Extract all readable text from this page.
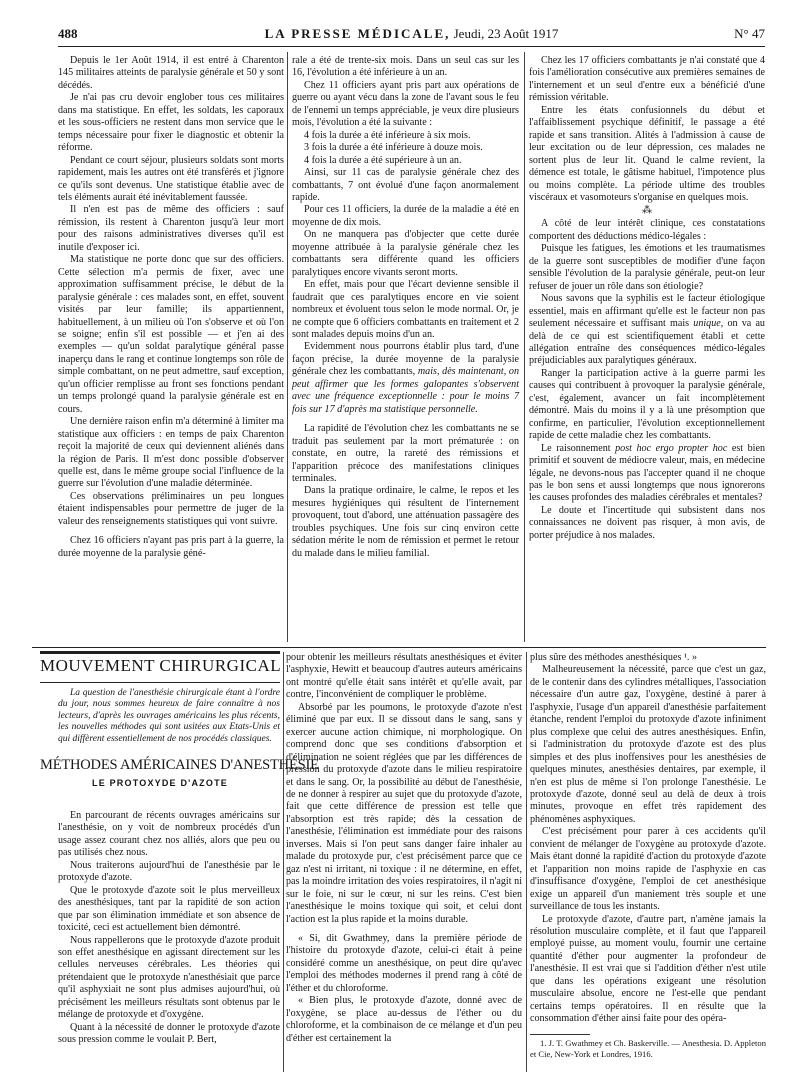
488	LA PRESSE MÉDICALE, Jeudi, 23 Août 1917	N° 47

Depuis le 1er Août 1914, il est entré à Charenton 145 militaires atteints de paralysie générale et 50 y sont décédés.

Je n'ai pas cru devoir englober tous ces militaires dans ma statistique. En effet, les soldats, les caporaux et les sous-officiers ne restent dans mon service que le temps nécessaire pour fixer le diagnostic et obtenir la réforme.

Pendant ce court séjour, plusieurs soldats sont morts rapidement, mais les autres ont été transférés et j'ignore ce qu'ils sont devenus. Une statistique établie avec de tels éléments aurait été inévitablement faussée.

Il n'en est pas de même des officiers : sauf rémission, ils restent à Charenton jusqu'à leur mort pour des raisons administratives diverses qu'il est inutile d'exposer ici.

Ma statistique ne porte donc que sur des officiers. Cette sélection m'a permis de fixer, avec une approximation suffisamment précise, le début de la paralysie générale : ces malades sont, en effet, souvent visités par leur famille; ils appartiennent, habituellement, à un milieu où l'on s'observe et où l'on se soigne; enfin s'il est possible — et j'en ai des exemples — qu'un soldat paralytique général passe inaperçu dans le rang et continue longtemps son rôle de simple combattant, on ne peut admettre, sauf exception, qu'un officier remplisse au front ses fonctions pendant un temps prolongé quand la paralysie générale est en cours.

Une dernière raison enfin m'a déterminé à limiter ma statistique aux officiers : en temps de paix Charenton reçoit la majorité de ceux qui deviennent aliénés dans la région de Paris. Il m'est donc possible d'observer quelle est, dans le même groupe social l'influence de la guerre sur l'évolution d'une maladie déterminée.

Ces observations préliminaires un peu longues étaient indispensables pour permettre de juger de la valeur des renseignements statistiques qui vont suivre.

Chez 16 officiers n'ayant pas pris part à la guerre, la durée moyenne de la paralysie géné-

rale a été de trente-six mois. Dans un seul cas sur les 16, l'évolution a été inférieure à un an.

Chez 11 officiers ayant pris part aux opérations de guerre ou ayant vécu dans la zone de l'avant sous le feu de l'ennemi un temps appréciable, je veux dire plusieurs mois, l'évolution a été la suivante :

4 fois la durée a été inférieure à six mois.

3 fois la durée a été inférieure à douze mois.

4 fois la durée a été supérieure à un an.

Ainsi, sur 11 cas de paralysie générale chez des combattants, 7 ont évolué d'une façon anormalement rapide.

Pour ces 11 officiers, la durée de la maladie a été en moyenne de dix mois.

On ne manquera pas d'objecter que cette durée moyenne attribuée à la paralysie générale chez les combattants sera différente quand les officiers paralytiques encore vivants seront morts.

En effet, mais pour que l'écart devienne sensible il faudrait que ces paralytiques encore en vie soient nombreux et évoluent tous selon le mode normal. Or, je ne compte que 6 officiers combattants en traitement et 2 sont malades depuis moins d'un an.

Evidemment nous pourrons établir plus tard, d'une façon précise, la durée moyenne de la paralysie générale chez les combattants, mais, dès maintenant, on peut affirmer que les formes galopantes s'observent avec une fréquence exceptionnelle : pour le moins 7 fois sur 17 d'après ma statistique personnelle.

La rapidité de l'évolution chez les combattants ne se traduit pas seulement par la mort prématurée : on constate, en outre, la rareté des rémissions et l'apparition précoce des manifestations cliniques terminales.

Dans la pratique ordinaire, le calme, le repos et les mesures hygiéniques qui résultent de l'internement provoquent, tout d'abord, une atténuation passagère des troubles psychiques. Une fois sur cinq environ cette sédation mérite le nom de rémission et permet le retour du malade dans le milieu familial.

Chez les 17 officiers combattants je n'ai constaté que 4 fois l'amélioration consécutive aux premières semaines de l'internement et un seul d'entre eux a bénéficié d'une rémission véritable.

Entre les états confusionnels du début et l'affaiblissement psychique définitif, le passage a été rapide et sans transition. Alités à l'admission à cause de leur excitation ou de leur dépression, ces malades ne sortent plus de leur lit. Quand le calme revient, la démence est totale, le gâtisme habituel, l'impotence plus ou moins complète. La période ultime des troubles viscéraux et vasomoteurs s'organise en quelques mois.

⁂

A côté de leur intérêt clinique, ces constatations comportent des déductions médico-légales :

Puisque les fatigues, les émotions et les traumatismes de la guerre sont susceptibles de modifier d'une façon sensible l'évolution de la paralysie générale, peut-on leur refuser de jouer un rôle dans son étiologie?

Nous savons que la syphilis est le facteur étiologique essentiel, mais en affirmant qu'elle est le facteur non pas seulement nécessaire et suffisant mais unique, on va au delà de ce qui est scientifiquement établi et cette allégation entraîne des conséquences médico-légales préjudiciables aux paralytiques généraux.

Ranger la participation active à la guerre parmi les causes qui contribuent à provoquer la paralysie générale, c'est, également, avancer un fait incomplètement démontré. Mais du moins il y a là une présomption que confirme, en particulier, l'évolution exceptionnellement rapide de cette maladie chez les combattants.

Le raisonnement post hoc ergo propter hoc est bien primitif et souvent de médiocre valeur, mais, en médecine légale, ne devons-nous pas l'accepter quand il ne choque pas le bon sens et aussi longtemps que nous ignorerons les causes profondes des maladies cérébrales et mentales?

Le doute et l'incertitude qui subsistent dans nos connaissances ne doivent pas risquer, à mon avis, de porter préjudice à nos malades.

MOUVEMENT CHIRURGICAL
La question de l'anesthésie chirurgicale étant à l'ordre du jour, nous sommes heureux de faire connaître à nos lecteurs, d'après les ouvrages américains les plus récents, les nouvelles méthodes qui sont usitées aux Etats-Unis et qui diffèrent essentiellement de nos procédés classiques.
MÉTHODES AMÉRICAINES D'ANESTHÉSIE
LE PROTOXYDE D'AZOTE

En parcourant de récents ouvrages américains sur l'anesthésie, on y voit de nombreux procédés d'un usage assez courant chez nos alliés, alors que peu ou pas utilisés chez nous.

Nous traiterons aujourd'hui de l'anesthésie par le protoxyde d'azote.

Que le protoxyde d'azote soit le plus merveilleux des anesthésiques, tant par la rapidité de son action que par son élimination immédiate et son absence de toxicité, ceci est actuellement bien démontré.

Nous rappellerons que le protoxyde d'azote produit son effet anesthésique en agissant directement sur les cellules nerveuses cérébrales. Les théories qui prétendaient que le protoxyde n'anesthésiait que parce qu'il asphyxiait ne sont plus admises aujourd'hui, où précisément les meilleurs résultats sont obtenus par le mélange de protoxyde et d'oxygène.

Quant à la nécessité de donner le protoxyde d'azote sous pression comme le voulait P. Bert,

pour obtenir les meilleurs résultats anesthésiques et éviter l'asphyxie, Hewitt et beaucoup d'autres auteurs américains ont montré qu'elle était sans intérêt et qu'elle avait, par contre, l'inconvénient de compliquer le problème.

Absorbé par les poumons, le protoxyde d'azote n'est éliminé que par eux. Il se dissout dans le sang, sans y exercer aucune action chimique, ni morphologique. On comprend donc que ses conditions d'absorption et d'élimination ne soient réglées que par les différences de pression du protoxyde d'azote dans le milieu respiratoire et dans le sang. Or, la possibilité au début de l'anesthésie, de ne donner à respirer au sujet que du protoxyde d'azote, fait que cette différence de pression est telle que l'absorption est très rapide; dès la cessation de l'anesthésie, l'élimination est immédiate pour des raisons inverses. Mais si l'on peut sans danger faire inhaler au malade du protoxyde pur, c'est précisément parce que ce gaz n'est ni irritant, ni toxique : il ne détermine, en effet, pas la moindre irritation des voies respiratoires, il n'agit ni sur le foie, ni sur le cœur, ni sur les reins. C'est bien l'anesthésique le moins toxique qui soit, et celui dont l'action est la plus rapide et la moins durable.

« Si, dit Gwathmey, dans la première période de l'histoire du protoxyde d'azote, celui-ci était à peine considéré comme un anesthésique, on peut dire qu'avec l'emploi des méthodes modernes il prend rang à côté de l'éther et du chloroforme.

« Bien plus, le protoxyde d'azote, donné avec de l'oxygène, se place au-dessus de l'éther ou du chloroforme, et la combinaison de ce mélange et d'un peu d'éther est certainement la

plus sûre des méthodes anesthésiques ¹. »

Malheureusement la nécessité, parce que c'est un gaz, de le contenir dans des cylindres métalliques, l'association nécessaire d'un autre gaz, l'oxygène, destiné à parer à l'asphyxie, l'usage d'un appareil d'anesthésie parfaitement étanche, rendent l'emploi du protoxyde d'azote infiniment plus complexe que celui des autres anesthésiques. Enfin, si l'administration du protoxyde d'azote est des plus simples et des plus inoffensives pour les anesthésies de quelques minutes, anesthésies dentaires, par exemple, il n'en est plus de même si l'on prolonge l'anesthésie. Le protoxyde d'azote, donné seul au delà de deux à trois minutes, provoque en effet très rapidement des phénomènes asphyxiques.

C'est précisément pour parer à ces accidents qu'il convient de mélanger de l'oxygène au protoxyde d'azote. Mais étant donné la rapidité d'action du protoxyde d'azote et l'apparition non moins rapide de l'asphyxie en cas d'insuffisance d'oxygène, l'emploi de cet anesthésique exige un appareil d'un maniement très souple et une surveillance de tous les instants.

Le protoxyde d'azote, d'autre part, n'amène jamais la résolution musculaire complète, et il faut que l'appareil employé puisse, au moment voulu, fournir une certaine quantité d'éther pour augmenter la profondeur de l'anesthésie. Il est vrai que si l'addition d'éther n'est utile que dans les opérations exigeant une résolution musculaire absolue, encore ne l'est-elle que pendant certains temps opératoires. Il en résulte que la consommation d'éther ainsi faite pour des opéra-

1. J. T. Gwathmey et Ch. Baskerville. — Anesthesia. D. Appleton et Cie, New-York et Londres, 1916.
